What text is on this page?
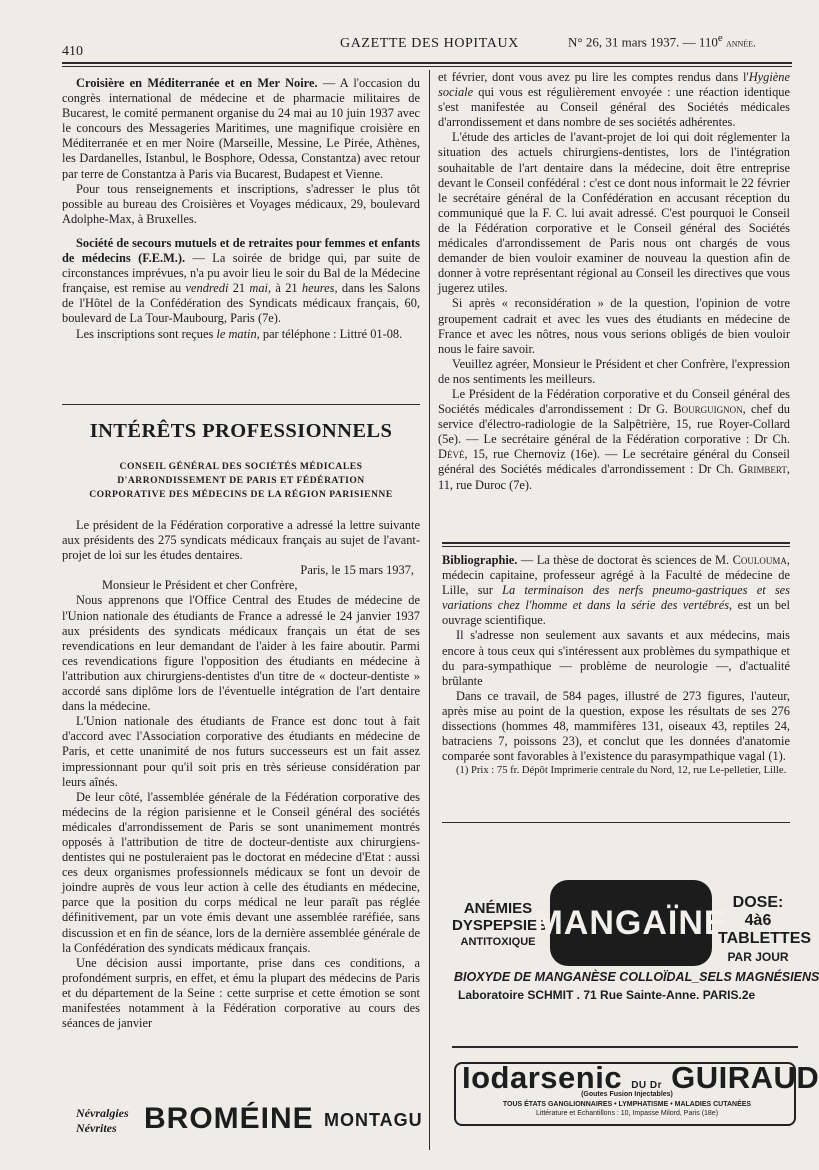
410
GAZETTE DES HOPITAUX	N° 26, 31 mars 1937. — 110e année.

Croisière en Méditerranée et en Mer Noire. — A l'occasion du congrès international de médecine et de pharmacie militaires de Bucarest, le comité permanent organise du 24 mai au 10 juin 1937 avec le concours des Messageries Maritimes, une magnifique croisière en Méditerranée et en mer Noire (Marseille, Messine, Le Pirée, Athènes, les Dardanelles, Istanbul, le Bosphore, Odessa, Constantza) avec retour par terre de Constantza à Paris via Bucarest, Budapest et Vienne.

Pour tous renseignements et inscriptions, s'adresser le plus tôt possible au bureau des Croisières et Voyages médicaux, 29, boulevard Adolphe-Max, à Bruxelles.

Société de secours mutuels et de retraites pour femmes et enfants de médecins (F.E.M.). — La soirée de bridge qui, par suite de circonstances imprévues, n'a pu avoir lieu le soir du Bal de la Médecine française, est remise au vendredi 21 mai, à 21 heures, dans les Salons de l'Hôtel de la Confédération des Syndicats médicaux français, 60, boulevard de La Tour-Maubourg, Paris (7e).

Les inscriptions sont reçues le matin, par téléphone : Littré 01-08.

INTÉRÊTS PROFESSIONNELS
CONSEIL GÉNÉRAL DES SOCIÉTÉS MÉDICALES
D'ARRONDISSEMENT DE PARIS ET FÉDÉRATION
CORPORATIVE DES MÉDECINS DE LA RÉGION PARISIENNE

Le président de la Fédération corporative a adressé la lettre suivante aux présidents des 275 syndicats médicaux français au sujet de l'avant-projet de loi sur les études dentaires.

Paris, le 15 mars 1937,

Monsieur le Président et cher Confrère,

Nous apprenons que l'Office Central des Etudes de médecine de l'Union nationale des étudiants de France a adressé le 24 janvier 1937 aux présidents des syndicats médicaux français un état de ses revendications en leur demandant de l'aider à les faire aboutir. Parmi ces revendications figure l'opposition des étudiants en médecine à l'attribution aux chirurgiens-dentistes d'un titre de « docteur-dentiste » accordé sans diplôme lors de l'éventuelle intégration de l'art dentaire dans la médecine.

L'Union nationale des étudiants de France est donc tout à fait d'accord avec l'Association corporative des étudiants en médecine de Paris, et cette unanimité de nos futurs successeurs est un fait assez impressionnant pour qu'il soit pris en très sérieuse considération par leurs aînés.

De leur côté, l'assemblée générale de la Fédération corporative des médecins de la région parisienne et le Conseil général des sociétés médicales d'arrondissement de Paris se sont unanimement montrés opposés à l'attribution de titre de docteur-dentiste aux chirurgiens-dentistes qui ne postuleraient pas le doctorat en médecine d'Etat : aussi ces deux organismes professionnels médicaux se font un devoir de joindre auprès de vous leur action à celle des étudiants en médecine, parce que la position du corps médical ne leur paraît pas réglée définitivement, par un vote émis devant une assemblée raréfiée, sans discussion et en fin de séance, lors de la dernière assemblée générale de la Confédération des syndicats médicaux français.

Une décision aussi importante, prise dans ces conditions, a profondément surpris, en effet, et ému la plupart des médecins de Paris et du département de la Seine : cette surprise et cette émotion se sont manifestées notamment à la Fédération corporative au cours des séances de janvier

et février, dont vous avez pu lire les comptes rendus dans l'Hygiène sociale qui vous est régulièrement envoyée : une réaction identique s'est manifestée au Conseil général des Sociétés médicales d'arrondissement et dans nombre de ses sociétés adhérentes.

L'étude des articles de l'avant-projet de loi qui doit réglementer la situation des actuels chirurgiens-dentistes, lors de l'intégration souhaitable de l'art dentaire dans la médecine, doit être entreprise devant le Conseil confédéral : c'est ce dont nous informait le 22 février le secrétaire général de la Confédération en accusant réception du communiqué que la F. C. lui avait adressé. C'est pourquoi le Conseil de la Fédération corporative et le Conseil général des Sociétés médicales d'arrondissement de Paris nous ont chargés de vous demander de bien vouloir examiner de nouveau la question afin de donner à votre représentant régional au Conseil les directives que vous jugerez utiles.

Si après « reconsidération » de la question, l'opinion de votre groupement cadrait et avec les vues des étudiants en médecine de France et avec les nôtres, nous vous serions obligés de bien vouloir nous le faire savoir.

Veuillez agréer, Monsieur le Président et cher Confrère, l'expression de nos sentiments les meilleurs.

Le Président de la Fédération corporative et du Conseil général des Sociétés médicales d'arrondissement : Dr G. Bourguignon, chef du service d'électro-radiologie de la Salpêtrière, 15, rue Royer-Collard (5e). — Le secrétaire général de la Fédération corporative : Dr Ch. Dévé, 15, rue Chernoviz (16e). — Le secrétaire général du Conseil général des Sociétés médicales d'arrondissement : Dr Ch. Grimbert, 11, rue Duroc (7e).

Bibliographie. — La thèse de doctorat ès sciences de M. Coulouma, médecin capitaine, professeur agrégé à la Faculté de médecine de Lille, sur La terminaison des nerfs pneumo-gastriques et ses variations chez l'homme et dans la série des vertébrés, est un bel ouvrage scientifique.

Il s'adresse non seulement aux savants et aux médecins, mais encore à tous ceux qui s'intéressent aux problèmes du sympathique et du para-sympathique — problème de neurologie —, d'actualité brûlante

Dans ce travail, de 584 pages, illustré de 273 figures, l'auteur, après mise au point de la question, expose les résultats de ses 276 dissections (hommes 48, mammifères 131, oiseaux 43, reptiles 24, batraciens 7, poissons 23), et conclut que les données d'anatomie comparée sont favorables à l'existence du parasympathique vagal (1).

(1) Prix : 75 fr. Dépôt Imprimerie centrale du Nord, 12, rue Le-pelletier, Lille.

ANÉMIES
DYSPEPSIES
ANTITOXIQUE
MANGAÏNE
DOSE: 4à6
TABLETTES
PAR JOUR
BIOXYDE DE MANGANÈSE COLLOÏDAL_SELS MAGNÉSIENS
Laboratoire SCHMIT . 71 Rue Sainte-Anne. PARIS.2e
Iodarsenic DU Dr GUIRAUD
(Goutes Fusion Injectables)
TOUS ÉTATS GANGLIONNAIRES • LYMPHATISME • MALADIES CUTANÉES
Littérature et Echantillons : 10, Impasse Milord, Paris (18e)
Névralgies
Névrites BROMÉINE MONTAGU
